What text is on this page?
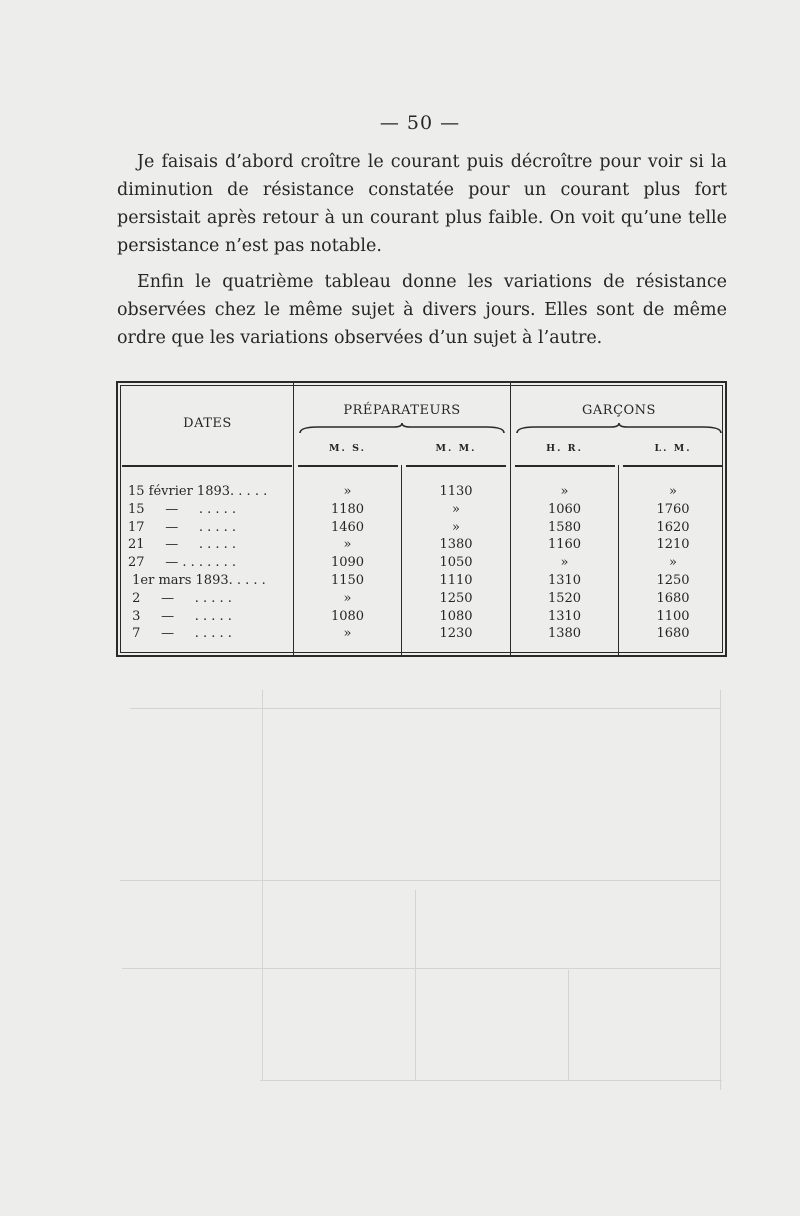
— 50 —

Je faisais d’abord croître le courant puis décroître pour voir si la diminution de résistance constatée pour un courant plus fort persistait après retour à un courant plus faible. On voit qu’une telle persistance n’est pas notable.

Enfin le quatrième tableau donne les variations de résistance observées chez le même sujet à divers jours. Elles sont de même ordre que les variations observées d’un sujet à l’autre.

DATES
PRÉPARATEURS	GARÇONS
M. S.	M. M.	H. R.	L. M.
15 février 1893. . . . .	»	1130	»	»
15     —     . . . . .	1180	»	1060	1760
17     —     . . . . .	1460	»	1580	1620
21     —     . . . . .	»	1380	1160	1210
27     — . . . . . . .	1090	1050	»	»
1er mars 1893. . . . .	1150	1110	1310	1250
2     —     . . . . .	»	1250	1520	1680
3     —     . . . . .	1080	1080	1310	1100
7     —     . . . . .	»	1230	1380	1680
